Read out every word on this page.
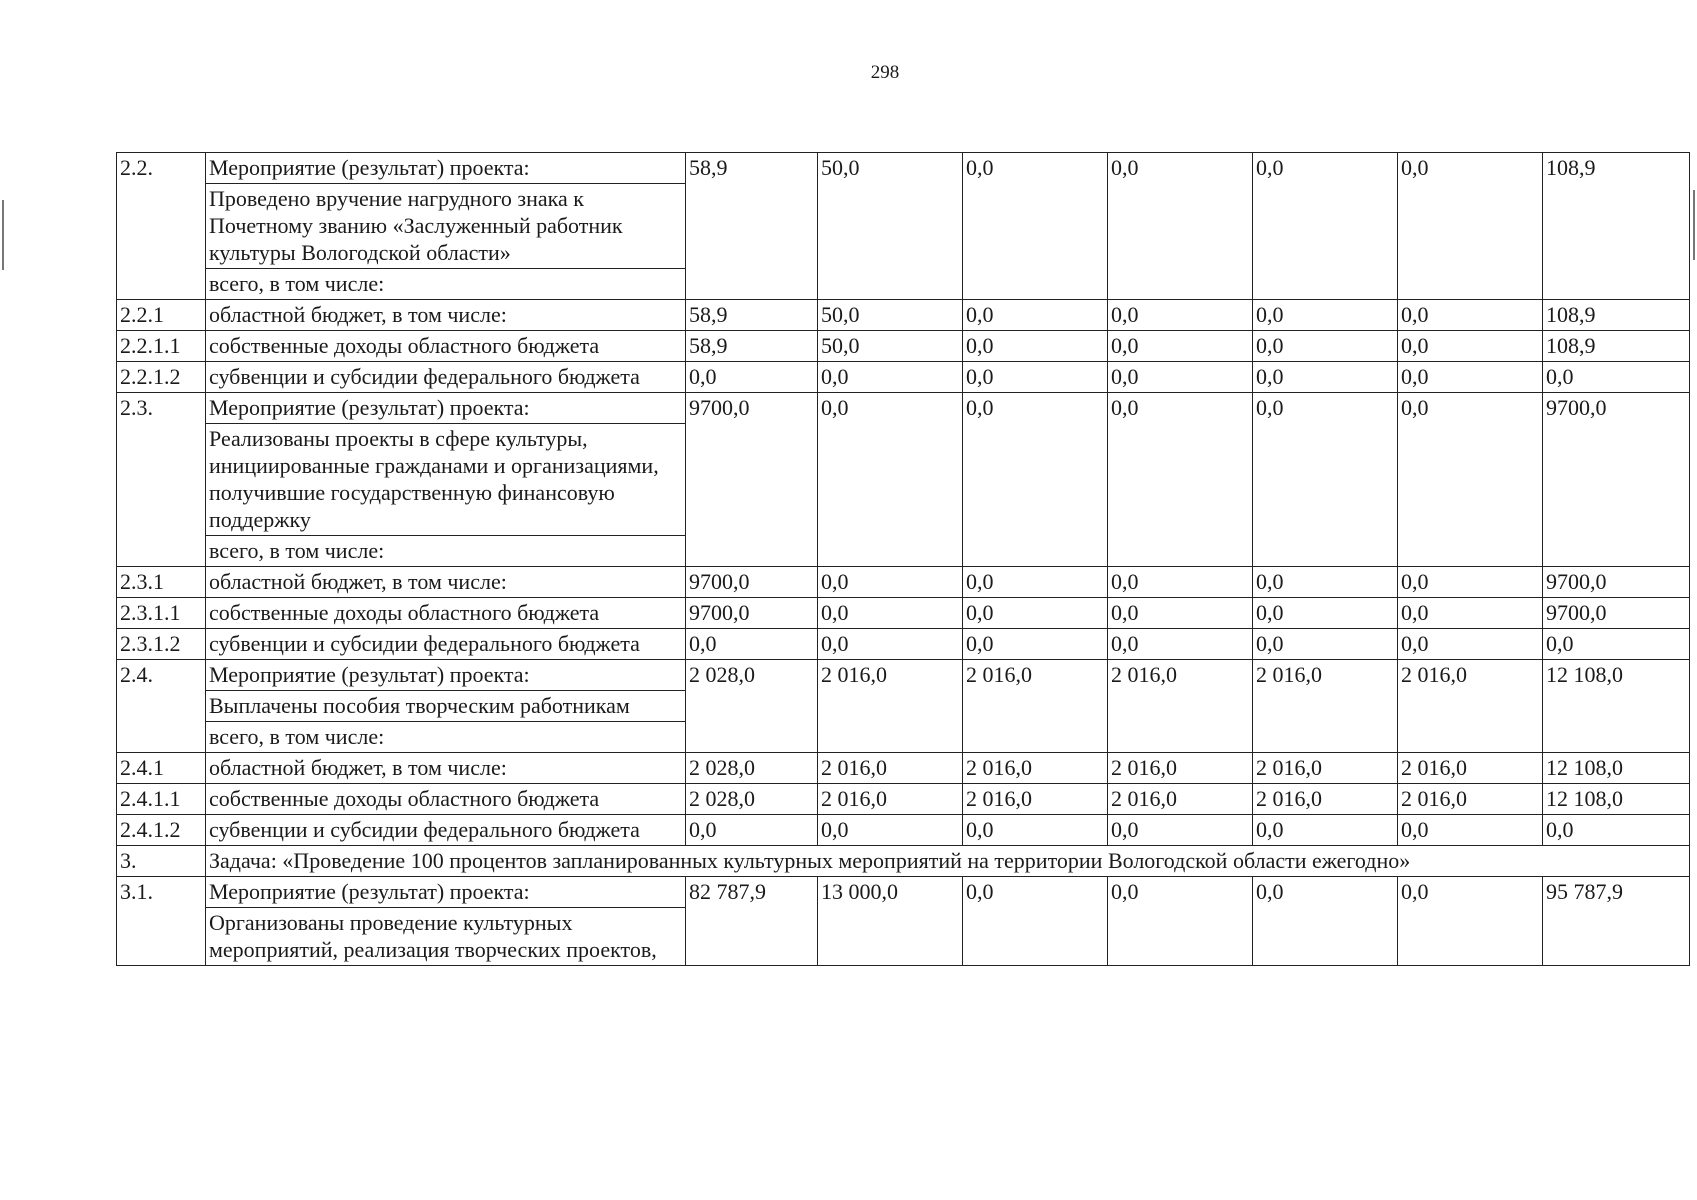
298
2.2.	Мероприятие (результат) проекта:
Проведено вручение нагрудного знака к Почетному званию «Заслуженный работник культуры Вологодской области»
всего, в том числе:	58,9	50,0	0,0	0,0	0,0	0,0	108,9
2.2.1	областной бюджет, в том числе:	58,9	50,0	0,0	0,0	0,0	0,0	108,9
2.2.1.1	собственные доходы областного бюджета	58,9	50,0	0,0	0,0	0,0	0,0	108,9
2.2.1.2	субвенции и субсидии федерального бюджета	0,0	0,0	0,0	0,0	0,0	0,0	0,0
2.3.	Мероприятие (результат) проекта:
Реализованы проекты в сфере культуры, инициированные гражданами и организациями, получившие государственную финансовую поддержку
всего, в том числе:	9700,0	0,0	0,0	0,0	0,0	0,0	9700,0
2.3.1	областной бюджет, в том числе:	9700,0	0,0	0,0	0,0	0,0	0,0	9700,0
2.3.1.1	собственные доходы областного бюджета	9700,0	0,0	0,0	0,0	0,0	0,0	9700,0
2.3.1.2	субвенции и субсидии федерального бюджета	0,0	0,0	0,0	0,0	0,0	0,0	0,0
2.4.	Мероприятие (результат) проекта:
Выплачены пособия творческим работникам
всего, в том числе:	2 028,0	2 016,0	2 016,0	2 016,0	2 016,0	2 016,0	12 108,0
2.4.1	областной бюджет, в том числе:	2 028,0	2 016,0	2 016,0	2 016,0	2 016,0	2 016,0	12 108,0
2.4.1.1	собственные доходы областного бюджета	2 028,0	2 016,0	2 016,0	2 016,0	2 016,0	2 016,0	12 108,0
2.4.1.2	субвенции и субсидии федерального бюджета	0,0	0,0	0,0	0,0	0,0	0,0	0,0
3.	Задача: «Проведение 100 процентов запланированных культурных мероприятий на территории Вологодской области ежегодно»							
3.1.	Мероприятие (результат) проекта:
Организованы проведение культурных мероприятий, реализация творческих проектов,	82 787,9	13 000,0	0,0	0,0	0,0	0,0	95 787,9
